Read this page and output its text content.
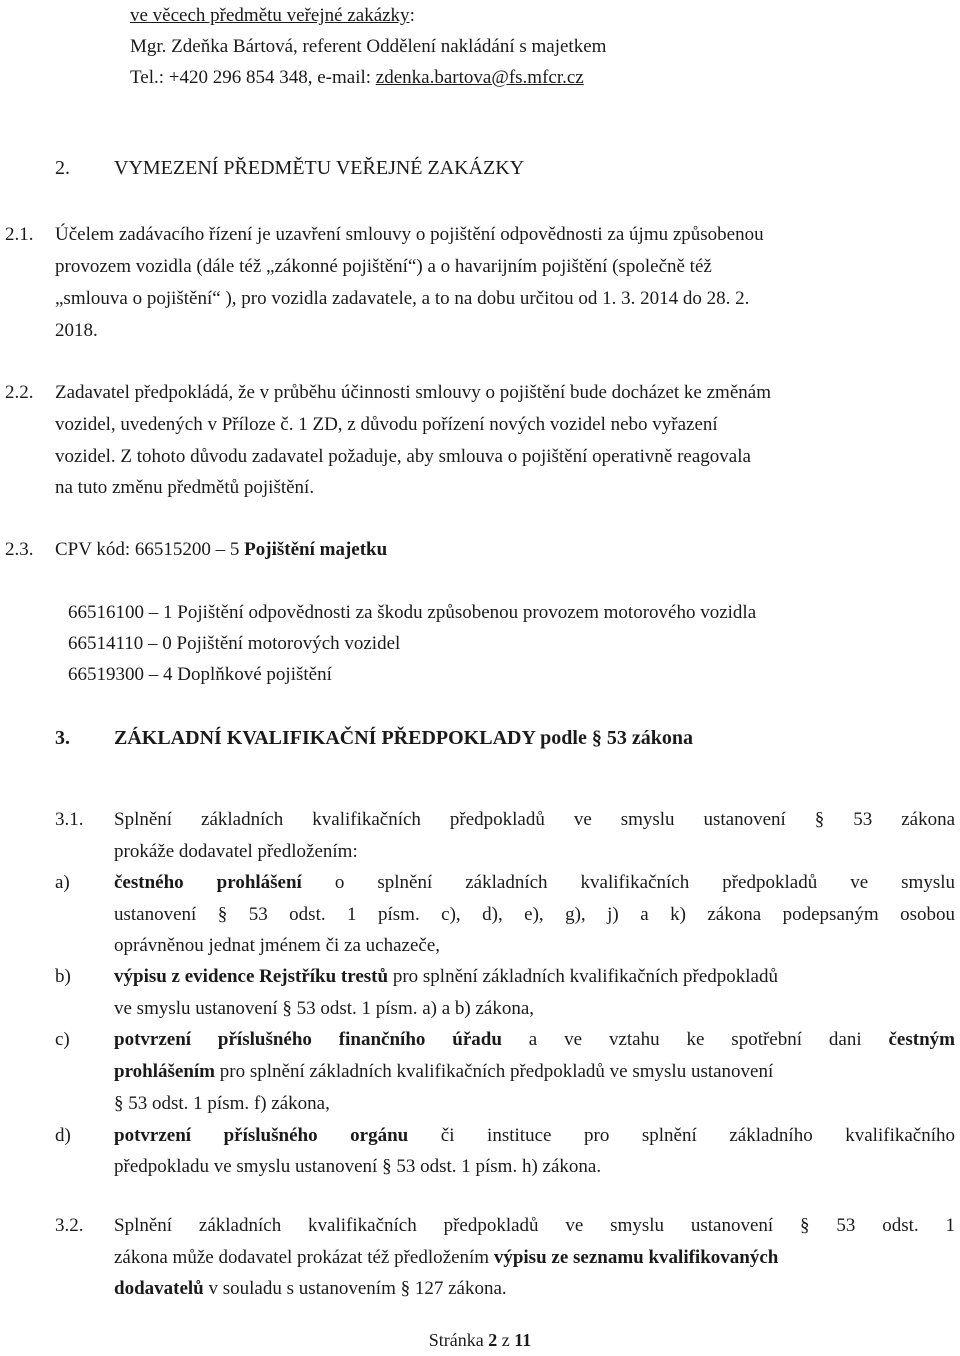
ve věcech předmětu veřejné zakázky:
Mgr. Zdeňka Bártová, referent Oddělení nakládání s majetkem
Tel.: +420 296 854 348, e-mail: zdenka.bartova@fs.mfcr.cz
2. VYMEZENÍ PŘEDMĚTU VEŘEJNÉ ZAKÁZKY
2.1. Účelem zadávacího řízení je uzavření smlouvy o pojištění odpovědnosti za újmu způsobenou
provozem vozidla (dále též „zákonné pojištění“) a o havarijním pojištění (společně též
„smlouva o pojištění“ ), pro vozidla zadavatele, a to na dobu určitou od 1. 3. 2014 do 28. 2.
2018.
2.2. Zadavatel předpokládá, že v průběhu účinnosti smlouvy o pojištění bude docházet ke změnám
vozidel, uvedených v Příloze č. 1 ZD, z důvodu pořízení nových vozidel nebo vyřazení
vozidel. Z tohoto důvodu zadavatel požaduje, aby smlouva o pojištění operativně reagovala
na tuto změnu předmětů pojištění.
2.3. CPV kód: 66515200 – 5 Pojištění majetku
66516100 – 1 Pojištění odpovědnosti za škodu způsobenou provozem motorového vozidla
66514110 – 0 Pojištění motorových vozidel
66519300 – 4 Doplňkové pojištění
3. ZÁKLADNÍ KVALIFIKAČNÍ PŘEDPOKLADY podle § 53 zákona
3.1. Splnění základních kvalifikačních předpokladů ve smyslu ustanovení § 53 zákona
prokáže dodavatel předložením:
a) čestného prohlášení o splnění základních kvalifikačních předpokladů ve smyslu
ustanovení § 53 odst. 1 písm. c), d), e), g), j) a k) zákona podepsaným osobou
oprávněnou jednat jménem či za uchazeče,
b) výpisu z evidence Rejstříku trestů pro splnění základních kvalifikačních předpokladů
ve smyslu ustanovení § 53 odst. 1 písm. a) a b) zákona,
c) potvrzení příslušného finančního úřadu a ve vztahu ke spotřební dani čestným
prohlášením pro splnění základních kvalifikačních předpokladů ve smyslu ustanovení
§ 53 odst. 1 písm. f) zákona,
d) potvrzení příslušného orgánu či instituce pro splnění základního kvalifikačního
předpokladu ve smyslu ustanovení § 53 odst. 1 písm. h) zákona.
3.2. Splnění základních kvalifikačních předpokladů ve smyslu ustanovení § 53 odst. 1
zákona může dodavatel prokázat též předložením výpisu ze seznamu kvalifikovaných
dodavatelů v souladu s ustanovením § 127 zákona.
Stránka 2 z 11
